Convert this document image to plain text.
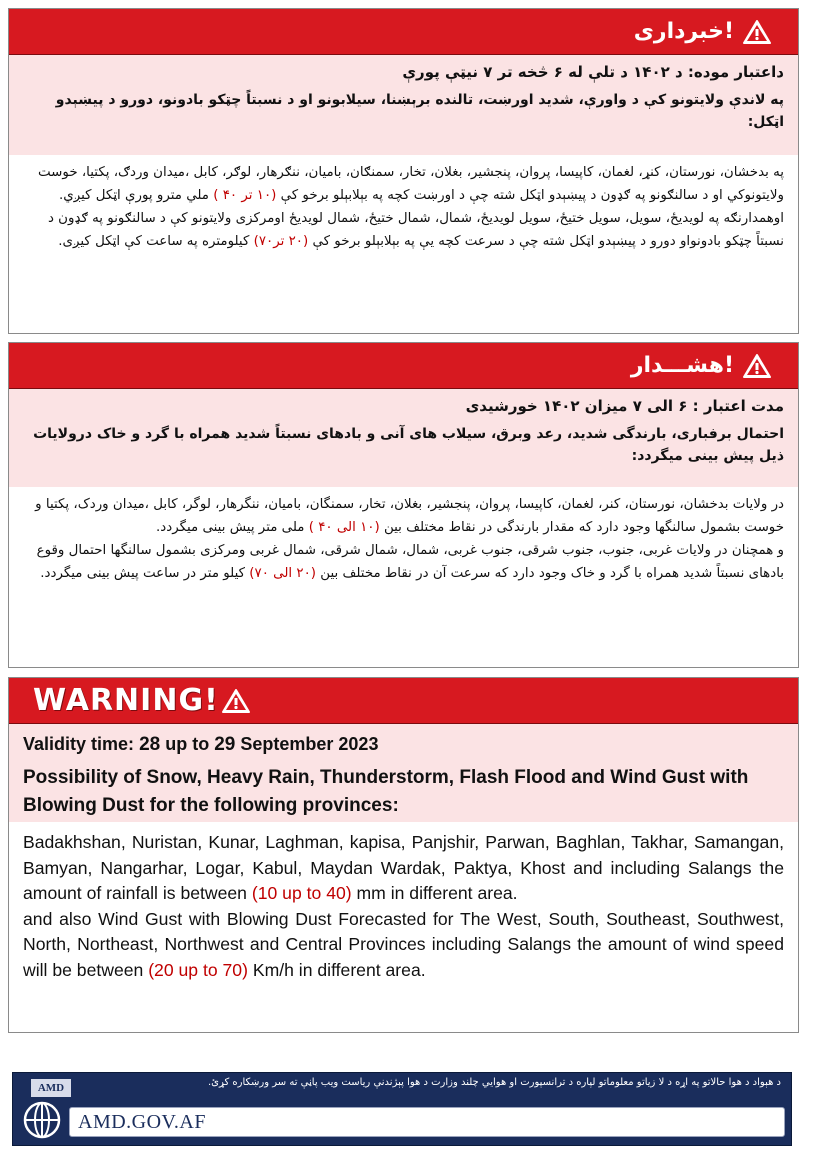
خبرداری!
داعتبار موده: د ۱۴۰۲ د تلې له ۶ څخه تر ۷ نيټې پورې
په لاندې ولايتونو کې د واورې، شديد اورښت، تالنده برېښنا، سيلابونو او د نسبتاً چټکو بادونو، دورو د پيښېدو اټکل:

په بدخشان، نورستان، کنړ، لغمان، کاپيسا، پروان، پنجشير، بغلان، تخار، سمنګان، باميان، ننګرهار، لوګر، کابل ،ميدان وردګ، پکتيا، خوست ولايتونوکي او د سالنګونو په ګډون د پيښېدو اټکل شته چې د اورښت کچه په بېلابېلو برخو کې (۱۰ تر ۴۰ ) ملي مترو پورې اټکل کيږي.

اوهمدارنګه په لويديځ، سويل، سويل ختيځ، سويل لويديځ، شمال، شمال ختيځ، شمال لويديځ اومرکزی ولايتونو کې د سالنګونو په ګډون د نسبتاً چټکو بادونواو دورو د پيښېدو اټکل شته چې د سرعت کچه يې په بېلابېلو برخو کې (۲۰ تر۷۰) کيلومتره په ساعت کې اټکل کيږی.

هشـــدار!
مدت اعتبار : ۶ الی ۷ میزان ۱۴۰۲ خورشیدی
احتمال برفباری، بارندگی شدید، رعد وبرق، سیلاب های آنی و بادهای نسبتاً شدید همراه با گرد و خاک درولایات ذیل پیش بینی میگردد:

در ولایات بدخشان، نورستان، کنر، لغمان، کاپیسا، پروان، پنجشیر، بغلان، تخار، سمنگان، بامیان، ننگرهار، لوگر، کابل ،میدان وردک، پکتیا و خوست بشمول سالنگها وجود دارد که مقدار بارندگی در نقاط مختلف بین (۱۰ الی ۴۰ ) ملی متر پیش بینی میگردد.

و همچنان در ولایات غربی، جنوب، جنوب شرقی، جنوب غربی، شمال، شمال شرقی، شمال غربی ومرکزی بشمول سالنگها احتمال وقوع بادهای نسبتاً شدید همراه با گرد و خاک وجود دارد که سرعت آن در نقاط مختلف بین (۲۰ الی ۷۰) کیلو متر در ساعت پیش بینی میگردد.

WARNING!
Validity time: 28 up to 29 September 2023
Possibility of Snow, Heavy Rain, Thunderstorm, Flash Flood and Wind Gust with Blowing Dust for the following provinces:

Badakhshan, Nuristan, Kunar, Laghman, kapisa, Panjshir, Parwan, Baghlan, Takhar, Samangan, Bamyan, Nangarhar, Logar, Kabul, Maydan Wardak, Paktya, Khost and including Salangs the amount of rainfall is between (10 up to 40) mm in different area.

and also Wind Gust with Blowing Dust Forecasted for The West, South, Southeast, Southwest, North, Northeast, Northwest and Central Provinces including Salangs the amount of wind speed will be between (20 up to 70) Km/h in different area.

د هېواد د هوا حالاتو په اړه د لا زياتو معلوماتو لپاره د ترانسپورت او هوايي چلند وزارت د هوا پېژندنې رياست ويب پاڼې ته سر ورښکاره کړئ.
AMD
AMD.GOV.AF
